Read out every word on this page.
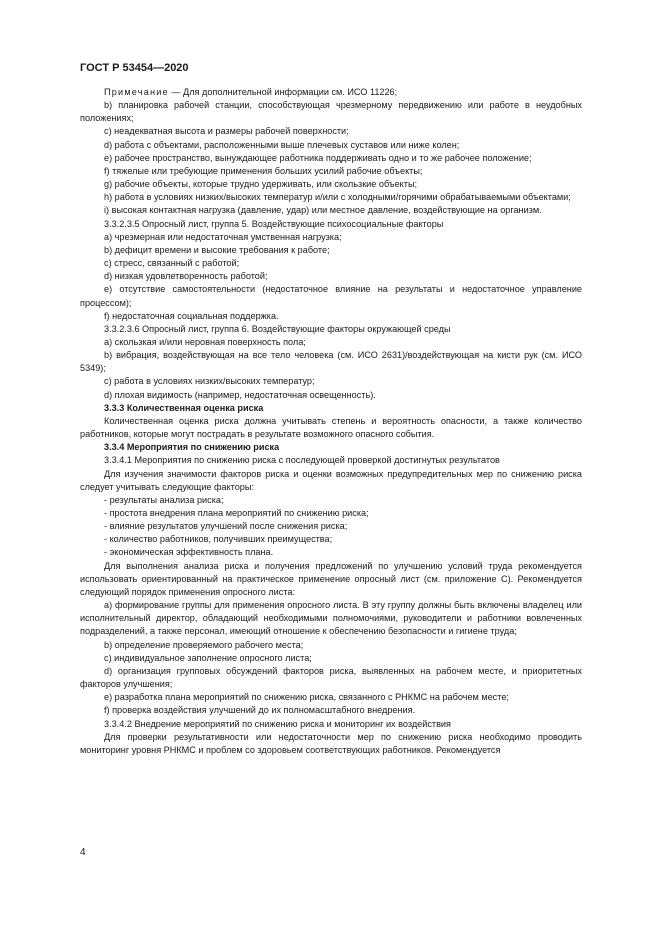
ГОСТ Р 53454—2020

Примечание — Для дополнительной информации см. ИСО 11226;

b) планировка рабочей станции, способствующая чрезмерному передвижению или работе в неудобных положениях;

c) неадекватная высота и размеры рабочей поверхности;

d) работа с объектами, расположенными выше плечевых суставов или ниже колен;

e) рабочее пространство, вынуждающее работника поддерживать одно и то же рабочее положение;

f) тяжелые или требующие применения больших усилий рабочие объекты;

g) рабочие объекты, которые трудно удерживать, или скользкие объекты;

h) работа в условиях низких/высоких температур и/или с холодными/горячими обрабатываемыми объектами;

i) высокая контактная нагрузка (давление, удар) или местное давление, воздействующие на организм.

3.3.2.3.5 Опросный лист, группа 5. Воздействующие психосоциальные факторы

a) чрезмерная или недостаточная умственная нагрузка;

b) дефицит времени и высокие требования к работе;

c) стресс, связанный с работой;

d) низкая удовлетворенность работой;

e) отсутствие самостоятельности (недостаточное влияние на результаты и недостаточное управление процессом);

f) недостаточная социальная поддержка.

3.3.2.3.6 Опросный лист, группа 6. Воздействующие факторы окружающей среды

a) скользкая и/или неровная поверхность пола;

b) вибрация, воздействующая на все тело человека (см. ИСО 2631)/воздействующая на кисти рук (см. ИСО 5349);

c) работа в условиях низких/высоких температур;

d) плохая видимость (например, недостаточная освещенность).

3.3.3 Количественная оценка риска

Количественная оценка риска должна учитывать степень и вероятность опасности, а также количество работников, которые могут пострадать в результате возможного опасного события.

3.3.4 Мероприятия по снижению риска

3.3.4.1 Мероприятия по снижению риска с последующей проверкой достигнутых результатов

Для изучения значимости факторов риска и оценки возможных предупредительных мер по снижению риска следует учитывать следующие факторы:

- результаты анализа риска;

- простота внедрения плана мероприятий по снижению риска;

- влияние результатов улучшений после снижения риска;

- количество работников, получивших преимущества;

- экономическая эффективность плана.

Для выполнения анализа риска и получения предложений по улучшению условий труда рекомендуется использовать ориентированный на практическое применение опросный лист (см. приложение С). Рекомендуется следующий порядок применения опросного листа:

a) формирование группы для применения опросного листа. В эту группу должны быть включены владелец или исполнительный директор, обладающий необходимыми полномочиями, руководители и работники вовлеченных подразделений, а также персонал, имеющий отношение к обеспечению безопасности и гигиене труда;

b) определение проверяемого рабочего места;

c) индивидуальное заполнение опросного листа;

d) организация групповых обсуждений факторов риска, выявленных на рабочем месте, и приоритетных факторов улучшения;

e) разработка плана мероприятий по снижению риска, связанного с РНКМС на рабочем месте;

f) проверка воздействия улучшений до их полномасштабного внедрения.

3.3.4.2 Внедрение мероприятий по снижению риска и мониторинг их воздействия

Для проверки результативности или недостаточности мер по снижению риска необходимо проводить мониторинг уровня РНКМС и проблем со здоровьем соответствующих работников. Рекомендуется

4
